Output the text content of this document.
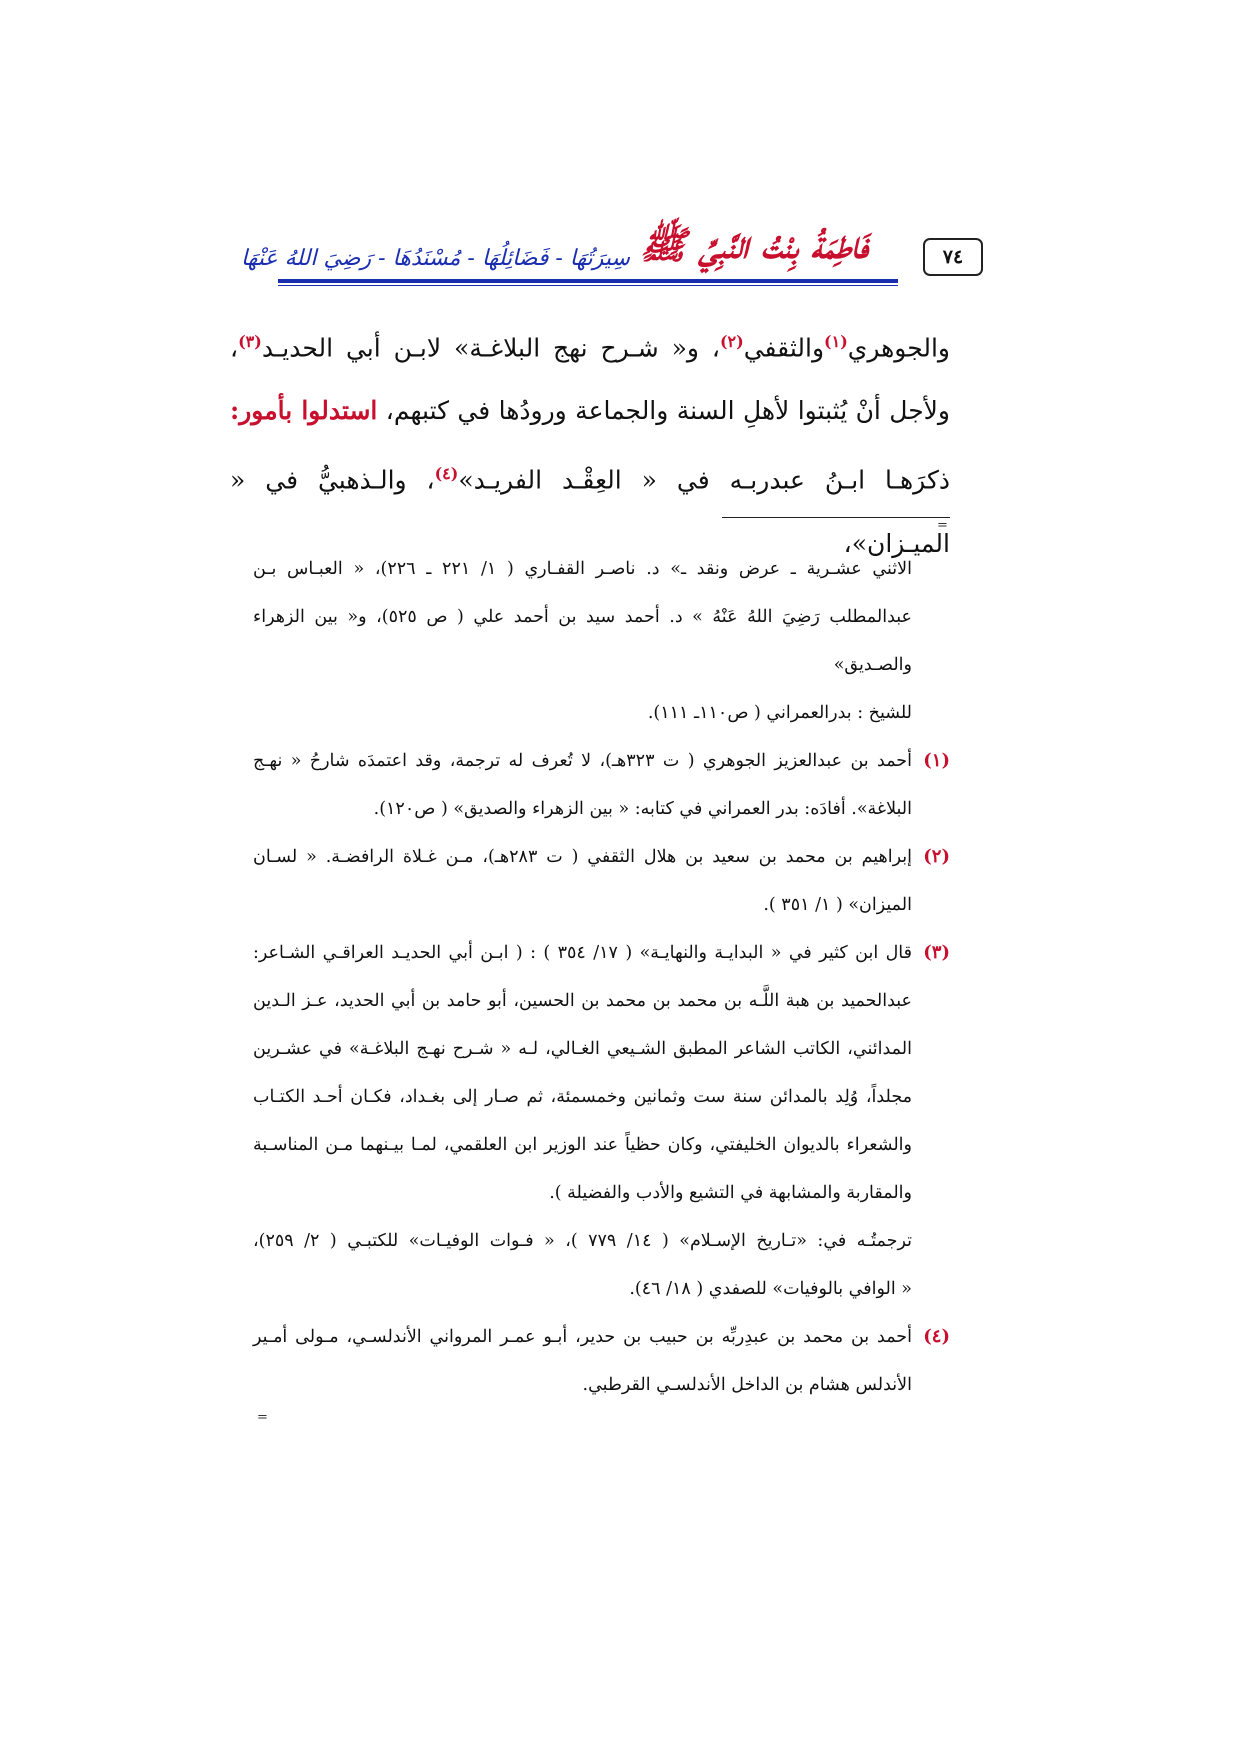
٧٤
فَاطِمَةُ بِنْتُ النَّبِيِّ ﷺ
سِيرَتُهَا - فَضَائِلُهَا - مُسْنَدُهَا - رَضِيَ اللهُ عَنْهَا

والجوهري$^{(١)}$والثقفي$^{(٢)}$، و« شـرح نهج البلاغـة» لابـن أبي الحديـد$^{(٣)}$،

ولأجل أنْ يُثبتوا لأهلِ السنة والجماعة ورودُها في كتبهم، استدلوا بأمور:

ذكرَهـا ابـنُ عبدربـه في « العِقْـد الفريـد»$^{(٤)}$، والـذهبيُّ في « الميـزان»،

=
الاثني عشـرية ـ عرض ونقد ـ» د. ناصـر القفـاري ( ١/ ٢٢١ ـ ٢٢٦)، « العبـاس بـن
عبدالمطلب رَضِيَ اللهُ عَنْهُ » د. أحمد سيد بن أحمد علي ( ص ٥٢٥)، و« بين الزهراء والصـديق»
للشيخ : بدرالعمراني ( ص١١٠ـ ١١١).
(١)
أحمد بن عبدالعزيز الجوهري ( ت ٣٢٣هـ)، لا تُعرف له ترجمة، وقد اعتمدَه شارحُ « نهـج
البلاغة». أفادَه: بدر العمراني في كتابه: « بين الزهراء والصديق» ( ص١٢٠).
(٢)
إبراهيم بن محمد بن سعيد بن هلال الثقفي ( ت ٢٨٣هـ)، مـن غـلاة الرافضـة. « لسـان
الميزان» ( ١/ ٣٥١ ).
(٣)
قال ابن كثير في « البدايـة والنهايـة» ( ١٧/ ٣٥٤ ) : ( ابـن أبي الحديـد العراقـي الشـاعر:
عبدالحميد بن هبة اللَّـه بن محمد بن محمد بن الحسين، أبو حامد بن أبي الحديد، عـز الـدين
المدائني، الكاتب الشاعر المطبق الشـيعي الغـالي، لـه « شـرح نهـج البلاغـة» في عشـرين
مجلداً، وُلِد بالمدائن سنة ست وثمانين وخمسمئة، ثم صـار إلى بغـداد، فكـان أحـد الكتـاب
والشعراء بالديوان الخليفتي، وكان حظياً عند الوزير ابن العلقمي، لمـا بيـنهما مـن المناسـبة
والمقاربة والمشابهة في التشيع والأدب والفضيلة ).
ترجمتُـه في: «تـاريخ الإسـلام» ( ١٤/ ٧٧٩ )، « فـوات الوفيـات» للكتبـي ( ٢/ ٢٥٩)،
« الوافي بالوفيات» للصفدي ( ١٨/ ٤٦).
(٤)
أحمد بن محمد بن عبدِربِّه بن حبيب بن حدير، أبـو عمـر المرواني الأندلسـي، مـولى أمـير
الأندلس هشام بن الداخل الأندلسـي القرطبي.
=
